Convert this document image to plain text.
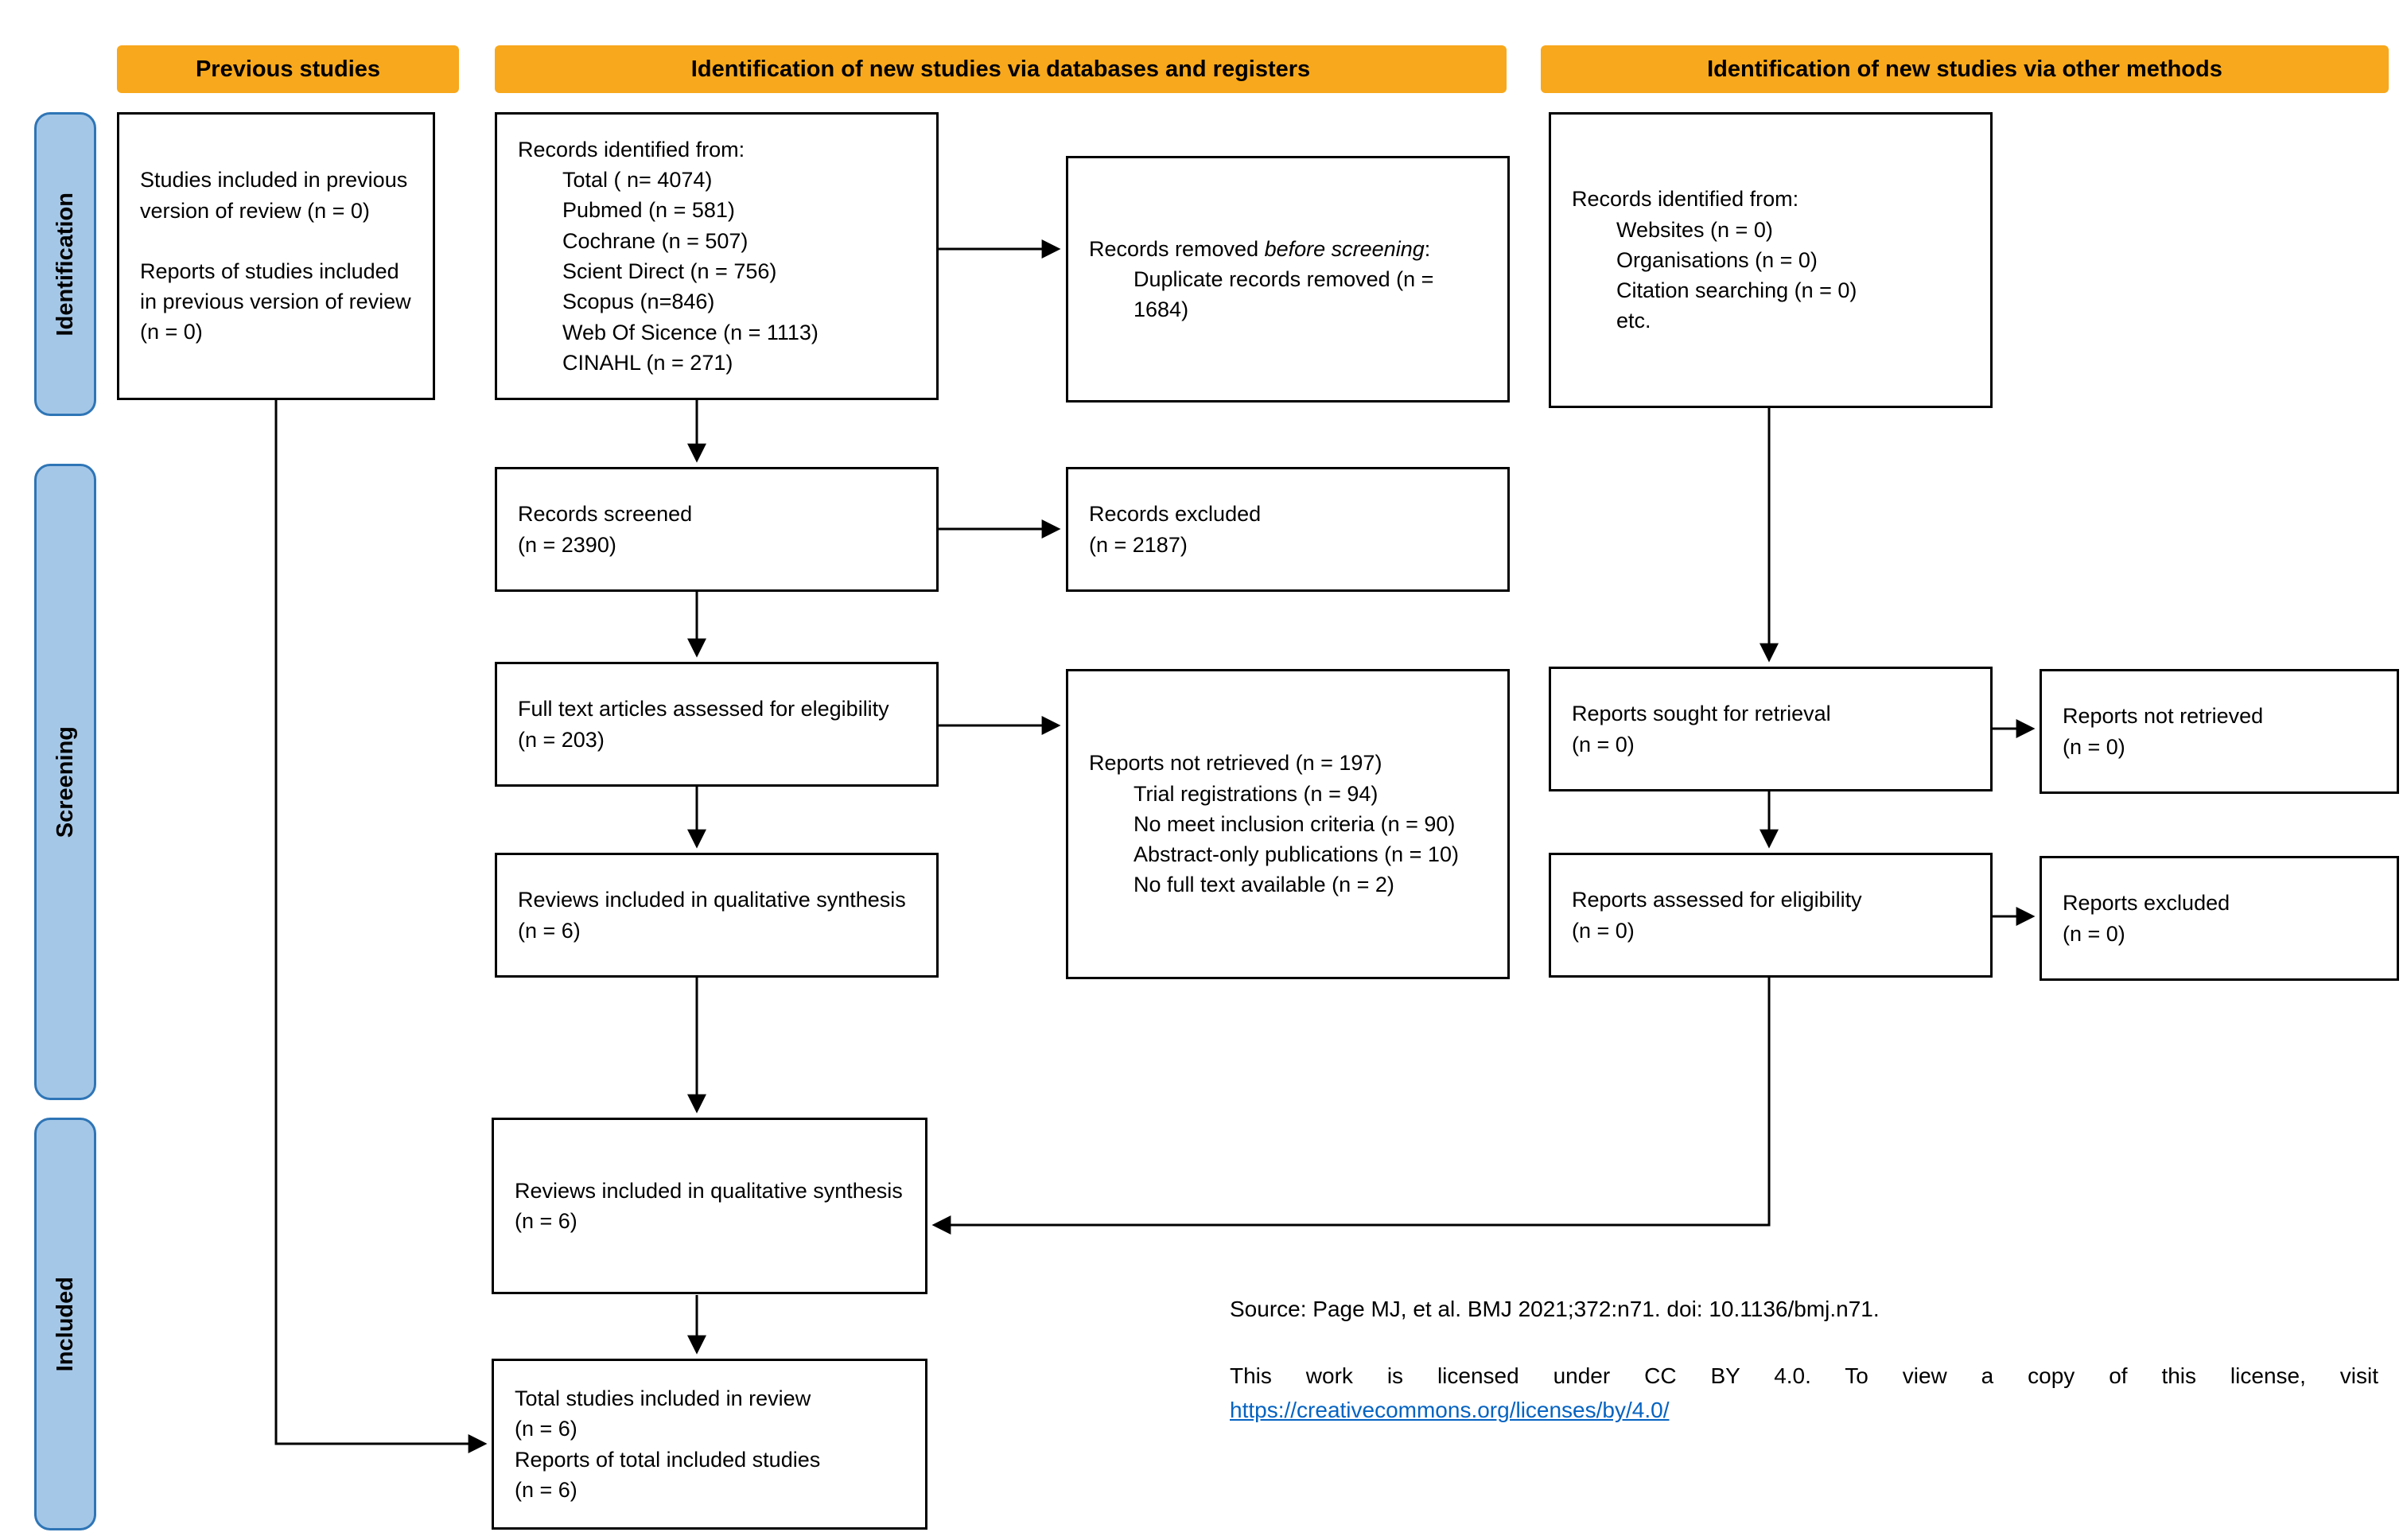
Previous studies	Identification of new studies via databases and registers	Identification of new studies via other methods
Identification
Screening
Included

Studies included in previous version of review (n = 0)

Reports of studies included in previous version of review (n = 0)

Records identified from:
Total ( n= 4074)
Pubmed (n = 581)
Cochrane (n = 507)
Scient Direct (n = 756)
Scopus (n=846)
Web Of Sicence (n = 1113)
CINAHL (n = 271)
Records removed before screening:
Duplicate records removed (n = 1684)
Records identified from:
Websites (n = 0)
Organisations (n = 0)
Citation searching (n = 0)
etc.
Records screened
(n = 2390)
Records excluded
(n = 2187)
Full text articles assessed for elegibility
(n = 203)
Reports not retrieved (n = 197)
Trial registrations (n = 94)
No meet inclusion criteria (n = 90)
Abstract-only publications (n = 10)
No full text available (n = 2)
Reviews included in qualitative synthesis
(n = 6)
Reports sought for retrieval
(n = 0)
Reports not retrieved
(n = 0)
Reports assessed for eligibility
(n = 0)
Reports excluded
(n = 0)
Reviews included in qualitative synthesis
(n = 6)
Total studies included in review
(n = 6)
Reports of total included studies
(n = 6)
Source: Page MJ, et al. BMJ 2021;372:n71. doi: 10.1136/bmj.n71.
This work is licensed under CC BY 4.0. To view a copy of this license, visit https://creativecommons.org/licenses/by/4.0/
